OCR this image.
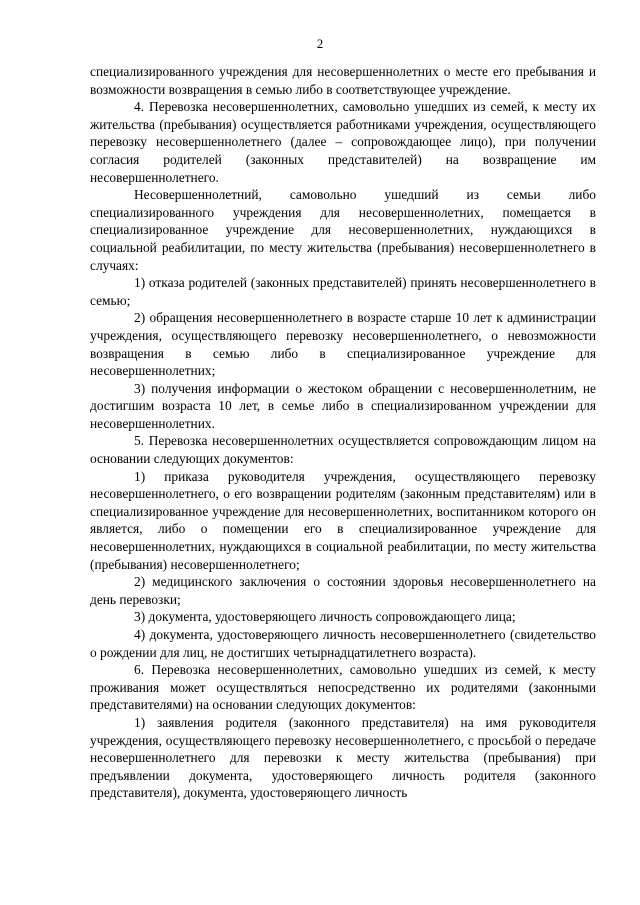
2

специализированного учреждения для несовершеннолетних о месте его пребывания и возможности возвращения в семью либо в соответствующее учреждение.

4. Перевозка несовершеннолетних, самовольно ушедших из семей, к месту их жительства (пребывания) осуществляется работниками учреждения, осуществляющего перевозку несовершеннолетнего (далее – сопровождающее лицо), при получении согласия родителей (законных представителей) на возвращение им несовершеннолетнего.

Несовершеннолетний, самовольно ушедший из семьи либо специализированного учреждения для несовершеннолетних, помещается в специализированное учреждение для несовершеннолетних, нуждающихся в социальной реабилитации, по месту жительства (пребывания) несовершеннолетнего в случаях:

1) отказа родителей (законных представителей) принять несовершеннолетнего в семью;

2) обращения несовершеннолетнего в возрасте старше 10 лет к администрации учреждения, осуществляющего перевозку несовершеннолетнего, о невозможности возвращения в семью либо в специализированное учреждение для несовершеннолетних;

3) получения информации о жестоком обращении с несовершеннолетним, не достигшим возраста 10 лет, в семье либо в специализированном учреждении для несовершеннолетних.

5. Перевозка несовершеннолетних осуществляется сопровождающим лицом на основании следующих документов:

1) приказа руководителя учреждения, осуществляющего перевозку несовершеннолетнего, о его возвращении родителям (законным представителям) или в специализированное учреждение для несовершеннолетних, воспитанником которого он является, либо о помещении его в специализированное учреждение для несовершеннолетних, нуждающихся в социальной реабилитации, по месту жительства (пребывания) несовершеннолетнего;

2) медицинского заключения о состоянии здоровья несовершеннолетнего на день перевозки;

3) документа, удостоверяющего личность сопровождающего лица;

4) документа, удостоверяющего личность несовершеннолетнего (свидетельство о рождении для лиц, не достигших четырнадцатилетнего возраста).

6. Перевозка несовершеннолетних, самовольно ушедших из семей, к месту проживания может осуществляться непосредственно их родителями (законными представителями) на основании следующих документов:

1) заявления родителя (законного представителя) на имя руководителя учреждения, осуществляющего перевозку несовершеннолетнего, с просьбой о передаче несовершеннолетнего для перевозки к месту жительства (пребывания) при предъявлении документа, удостоверяющего личность родителя (законного представителя), документа, удостоверяющего личность
